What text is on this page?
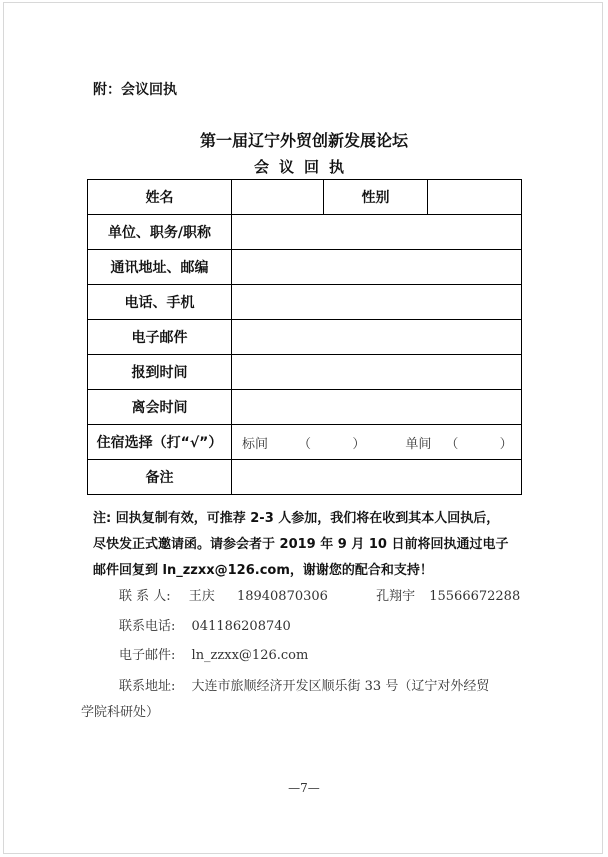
附：会议回执
第一届辽宁外贸创新发展论坛
会议回执
姓名		性别	
单位、职务/职称			
通讯地址、邮编			
电话、手机			
电子邮件			
报到时间			
离会时间			
住宿选择（打“√”）	标间 （          ） 单间 （          ）		

备注			
注: 回执复制有效，可推荐 2-3 人参加，我们将在收到其本人回执后，
尽快发正式邀请函。请参会者于 2019 年 9 月 10 日前将回执通过电子
邮件回复到 ln_zzxx@126.com，谢谢您的配合和支持！
联 系 人: 王庆 18940870306	孔翔宇 15566672288
联系电话: 041186208740
电子邮件: ln_zzxx@126.com
联系地址: 大连市旅顺经济开发区顺乐街 33 号（辽宁对外经贸
学院科研处）
—7—
